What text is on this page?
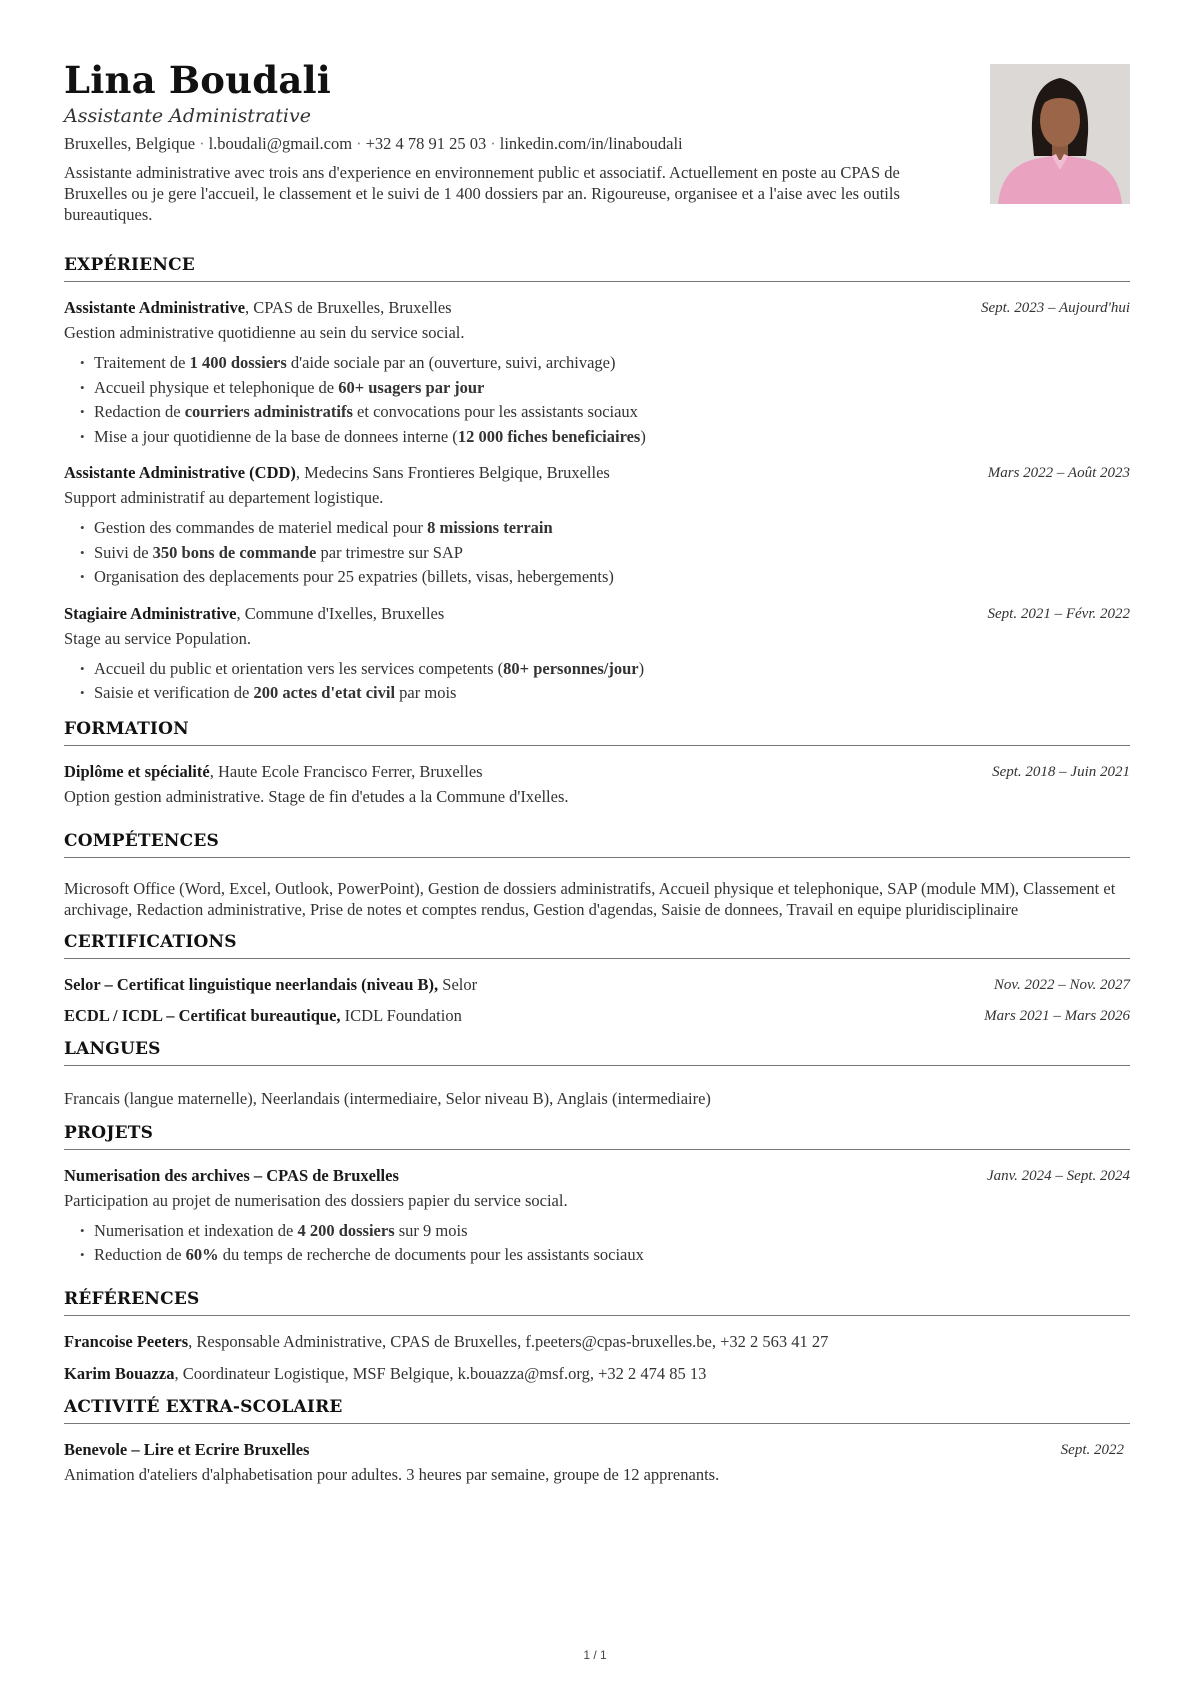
Lina Boudali
Assistante Administrative
Bruxelles, Belgique · l.boudali@gmail.com · +32 4 78 91 25 03 · linkedin.com/in/linaboudali
Assistante administrative avec trois ans d'experience en environnement public et associatif. Actuellement en poste au CPAS de Bruxelles ou je gere l'accueil, le classement et le suivi de 1 400 dossiers par an. Rigoureuse, organisee et a l'aise avec les outils bureautiques.
EXPÉRIENCE
Assistante Administrative, CPAS de Bruxelles, Bruxelles	Sept. 2023 – Aujourd'hui
Gestion administrative quotidienne au sein du service social.
• Traitement de 1 400 dossiers d'aide sociale par an (ouverture, suivi, archivage)
• Accueil physique et telephonique de 60+ usagers par jour
• Redaction de courriers administratifs et convocations pour les assistants sociaux
• Mise a jour quotidienne de la base de donnees interne (12 000 fiches beneficiaires)
Assistante Administrative (CDD), Medecins Sans Frontieres Belgique, Bruxelles	Mars 2022 – Août 2023
Support administratif au departement logistique.
• Gestion des commandes de materiel medical pour 8 missions terrain
• Suivi de 350 bons de commande par trimestre sur SAP
• Organisation des deplacements pour 25 expatries (billets, visas, hebergements)
Stagiaire Administrative, Commune d'Ixelles, Bruxelles	Sept. 2021 – Févr. 2022
Stage au service Population.
• Accueil du public et orientation vers les services competents (80+ personnes/jour)
• Saisie et verification de 200 actes d'etat civil par mois
FORMATION
Diplôme et spécialité, Haute Ecole Francisco Ferrer, Bruxelles	Sept. 2018 – Juin 2021
Option gestion administrative. Stage de fin d'etudes a la Commune d'Ixelles.
COMPÉTENCES
Microsoft Office (Word, Excel, Outlook, PowerPoint), Gestion de dossiers administratifs, Accueil physique et telephonique, SAP (module MM), Classement et archivage, Redaction administrative, Prise de notes et comptes rendus, Gestion d'agendas, Saisie de donnees, Travail en equipe pluridisciplinaire
CERTIFICATIONS
Selor – Certificat linguistique neerlandais (niveau B), Selor	Nov. 2022 – Nov. 2027
ECDL / ICDL – Certificat bureautique, ICDL Foundation	Mars 2021 – Mars 2026
LANGUES
Francais (langue maternelle), Neerlandais (intermediaire, Selor niveau B), Anglais (intermediaire)
PROJETS
Numerisation des archives – CPAS de Bruxelles	Janv. 2024 – Sept. 2024
Participation au projet de numerisation des dossiers papier du service social.
• Numerisation et indexation de 4 200 dossiers sur 9 mois
• Reduction de 60% du temps de recherche de documents pour les assistants sociaux
RÉFÉRENCES
Francoise Peeters, Responsable Administrative, CPAS de Bruxelles, f.peeters@cpas-bruxelles.be, +32 2 563 41 27
Karim Bouazza, Coordinateur Logistique, MSF Belgique, k.bouazza@msf.org, +32 2 474 85 13
ACTIVITÉ EXTRA-SCOLAIRE
Benevole – Lire et Ecrire Bruxelles	Sept. 2022
Animation d'ateliers d'alphabetisation pour adultes. 3 heures par semaine, groupe de 12 apprenants.
1 / 1
